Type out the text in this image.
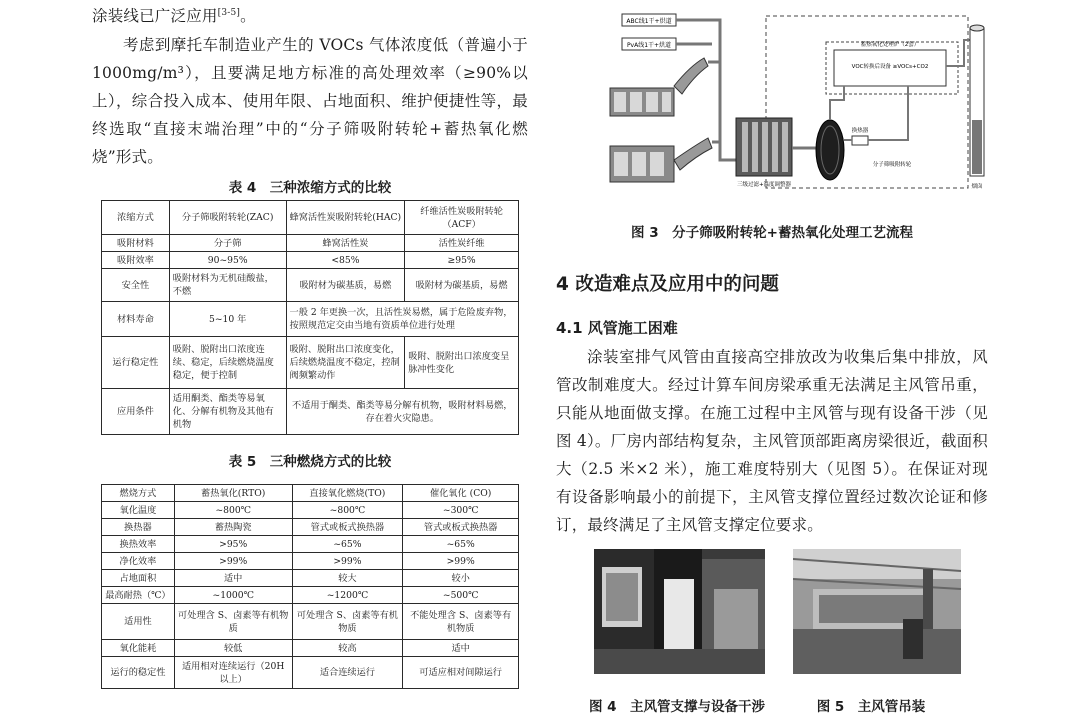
涂装线已广泛应用[3-5]。

考虑到摩托车制造业产生的 VOCs 气体浓度低（普遍小于 1000mg/m³），且要满足地方标准的高处理效率（≥90%以上），综合投入成本、使用年限、占地面积、维护便捷性等，最终选取“直接末端治理”中的“分子筛吸附转轮+蓄热氧化燃烧”形式。

表 4　三种浓缩方式的比较
浓缩方式	分子筛吸附转轮(ZAC)	蜂窝活性炭吸附转轮(HAC)	纤维活性炭吸附转轮（ACF）
吸附材料	分子筛	蜂窝活性炭	活性炭纤维
吸附效率	90~95%	<85%	≥95%
安全性	吸附材料为无机硅酸盐，不燃	吸附材为碳基质，易燃	吸附材为碳基质，易燃
材料寿命	5~10 年	一般 2 年更换一次，且活性炭易燃，属于危险废弃物，按照规范定交由当地有资质单位进行处理	
运行稳定性	吸附、脱附出口浓度连续、稳定，后续燃烧温度稳定，便于控制	吸附、脱附出口浓度变化，后续燃烧温度不稳定，控制阀频繁动作	吸附、脱附出口浓度变呈脉冲性变化
应用条件	适用酮类、酯类等易氧化、分解有机物及其他有机物	不适用于酮类、酯类等易分解有机物，吸附材料易燃，存在着火灾隐患。	
表 5　三种燃烧方式的比较
燃烧方式	蓄热氧化(RTO)	直接氧化燃烧(TO)	催化氧化 (CO)
氧化温度	~800℃	~800℃	~300℃
换热器	蓄热陶瓷	管式或板式换热器	管式或板式换热器
换热效率	>95%	~65%	~65%
净化效率	>99%	>99%	>99%
占地面积	适中	较大	较小
最高耐热（℃）	~1000℃	~1200℃	~500℃
适用性	可处理含 S、卤素等有机物质	可处理含 S、卤素等有机物质	不能处理含 S、卤素等有机物质
氧化能耗	较低	较高	适中
运行的稳定性	适用相对连续运行（20H 以上）	适合连续运行	可适应相对间隙运行
ABC线1干+烘道
PvA线1干+烘道
三级过滤+温度调整器
分子筛吸附转轮
蓄热氧化处理炉（2套）
VOC转换后设备 ≥VOCs+CO2
换热器
烟囱
图 3　分子筛吸附转轮+蓄热氧化处理工艺流程
4 改造难点及应用中的问题
4.1 风管施工困难

涂装室排气风管由直接高空排放改为收集后集中排放，风管改制难度大。经过计算车间房梁承重无法满足主风管吊重，只能从地面做支撑。在施工过程中主风管与现有设备干涉（见图 4）。厂房内部结构复杂，主风管顶部距离房梁很近，截面积大（2.5 米×2 米），施工难度特别大（见图 5）。在保证对现有设备影响最小的前提下，主风管支撑位置经过数次论证和修订，最终满足了主风管支撑定位要求。

图 4　主风管支撑与设备干涉	图 5　主风管吊装
